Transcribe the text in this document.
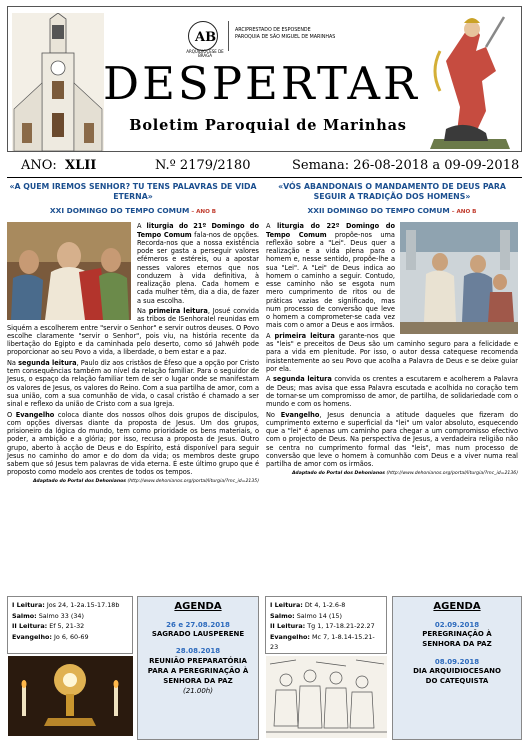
AB
ARQUIDIOCESE DE BRAGA
ARCIPRESTADO DE ESPOSENDE
PAROQUIA DE SÃO MIGUEL DE MARINHAS
DESPERTAR
Boletim Paroquial de Marinhas
ANO: XLII	N.º 2179/2180	Semana: 26-08-2018 a 09-09-2018
«A QUEM IREMOS SENHOR? TU TENS PALAVRAS DE VIDA ETERNA»
XXI DOMINGO DO TEMPO COMUM – ANO B

A liturgia do 21º Domingo do Tempo Comum fala-nos de opções. Recorda-nos que a nossa existência pode ser gasta a perseguir valores efémeros e estéreis, ou a apostar nesses valores eternos que nos conduzem à vida definitiva, à realização plena. Cada homem e cada mulher têm, dia a dia, de fazer a sua escolha.

Na primeira leitura, Josué convida as tribos de ISenhoraIel reunidas em Siquém a escolherem entre "servir o Senhor" e servir outros deuses. O Povo escolhe claramente "servir o Senhor", pois viu, na história recente da libertação do Egipto e da caminhada pelo deserto, como só Jahwéh pode proporcionar ao seu Povo a vida, a liberdade, o bem estar e a paz.

Na segunda leitura, Paulo diz aos cristãos de Éfeso que a opção por Cristo tem consequências também ao nível da relação familiar. Para o seguidor de Jesus, o espaço da relação familiar tem de ser o lugar onde se manifestam os valores de Jesus, os valores do Reino. Com a sua partilha de amor, com a sua união, com a sua comunhão de vida, o casal cristão é chamado a ser sinal e reflexo da união de Cristo com a sua Igreja.

O Evangelho coloca diante dos nossos olhos dois grupos de discípulos, com opções diversas diante da proposta de Jesus. Um dos grupos, prisioneiro da lógica do mundo, tem como prioridade os bens materiais, o poder, a ambição e a glória; por isso, recusa a proposta de Jesus. Outro grupo, aberto à acção de Deus e do Espírito, está disponível para seguir Jesus no caminho do amor e do dom da vida; os membros deste grupo sabem que só Jesus tem palavras de vida eterna. É este último grupo que é proposto como modelo aos crentes de todos os tempos.

Adaptado do Portal dos Dehonianos (http://www.dehonianos.org/portal/liturgia/?mc_id=2135)
«VÓS ABANDONAIS O MANDAMENTO DE DEUS PARA SEGUIR A TRADIÇÃO DOS HOMENS»
XXII DOMINGO DO TEMPO COMUM – ANO B

A liturgia do 22º Domingo do Tempo Comum propõe-nos uma reflexão sobre a "Lei". Deus quer a realização e a vida plena para o homem e, nesse sentido, propõe-lhe a sua "Lei". A "Lei" de Deus indica ao homem o caminho a seguir. Contudo, esse caminho não se esgota num mero cumprimento de ritos ou de práticas vazias de significado, mas num processo de conversão que leve o homem a comprometer-se cada vez mais com o amor a Deus e aos irmãos.

A primeira leitura garante-nos que as "leis" e preceitos de Deus são um caminho seguro para a felicidade e para a vida em plenitude. Por isso, o autor dessa catequese recomenda insistentemente ao seu Povo que acolha a Palavra de Deus e se deixe guiar por ela.

A segunda leitura convida os crentes a escutarem e acolherem a Palavra de Deus; mas avisa que essa Palavra escutada e acolhida no coração tem de tornar-se um compromisso de amor, de partilha, de solidariedade com o mundo e com os homens.

No Evangelho, Jesus denuncia a atitude daqueles que fizeram do cumprimento externo e superficial da "lei" um valor absoluto, esquecendo que a "lei" é apenas um caminho para chegar a um compromisso efectivo com o projecto de Deus. Na perspectiva de Jesus, a verdadeira religião não se centra no cumprimento formal das "leis", mas num processo de conversão que leve o homem à comunhão com Deus e a viver numa real partilha de amor com os irmãos.

Adaptado do Portal dos Dehonianos (http://www.dehonianos.org/portal/liturgia/?mc_id=2136)
I Leitura: Jos 24, 1-2a.15-17.18b
Salmo: Salmo 33 (34)
II Leitura: Ef 5, 21-32
Evangelho: Jo 6, 60-69
AGENDA
26 e 27.08.2018
SAGRADO LAUSPERENE
28.08.2018
REUNIÃO PREPARATÓRIA
PARA A PEREGRINAÇÃO À
SENHORA DA PAZ
(21.00h)
I Leitura: Dt 4, 1-2.6-8
Salmo: Salmo 14 (15)
II Leitura: Tg 1, 17-18.21-22.27
Evangelho: Mc 7, 1-8.14-15.21-23
AGENDA
02.09.2018
PEREGRINAÇÃO À
SENHORA DA PAZ
08.09.2018
DIA ARQUIDIOCESANO
DO CATEQUISTA
